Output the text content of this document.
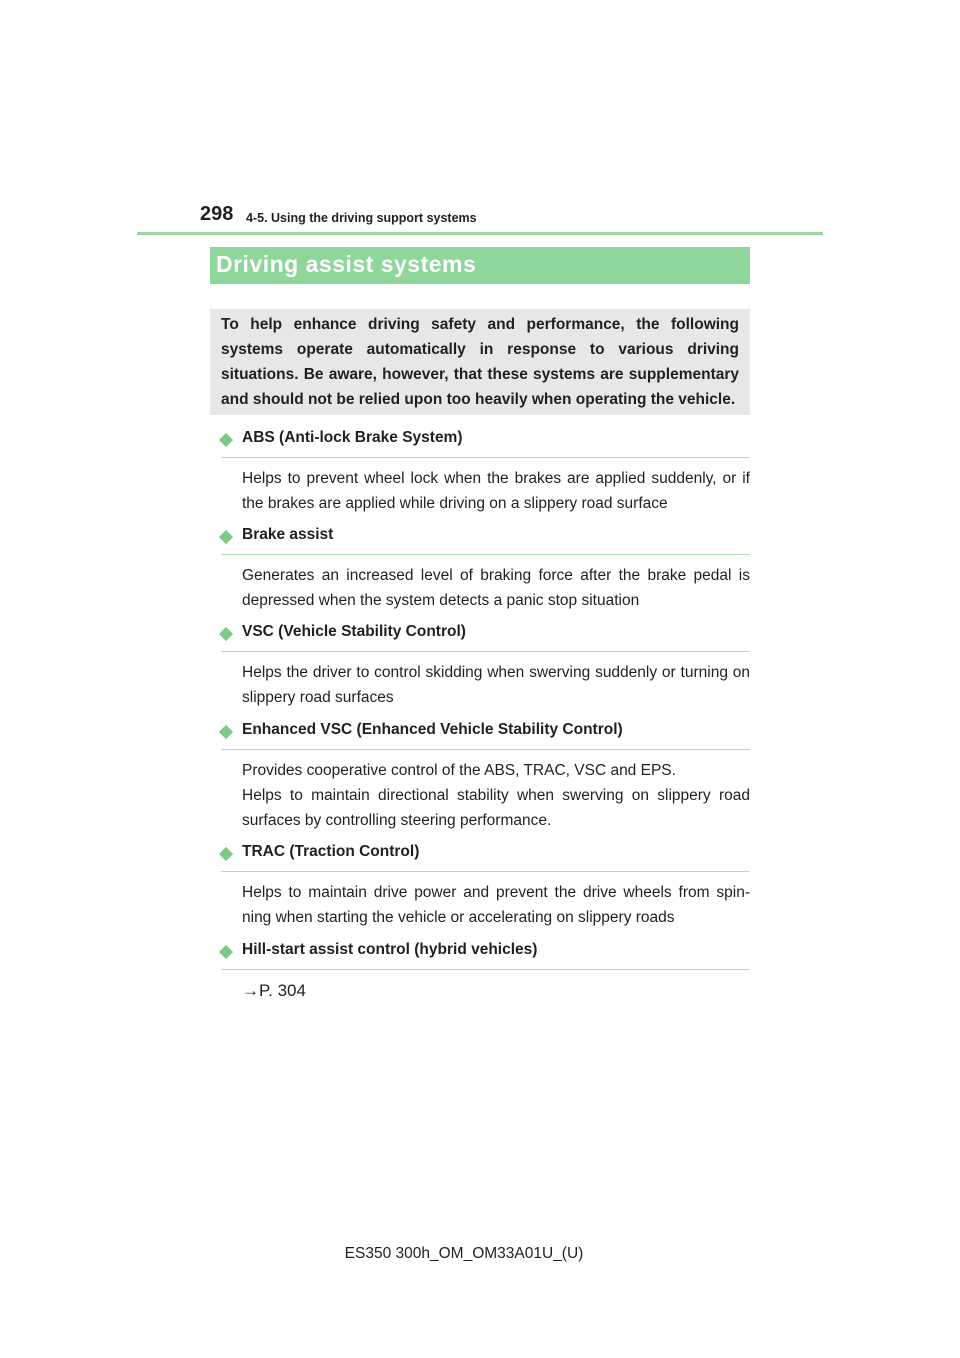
298 4-5. Using the driving support systems
Driving assist systems
To help enhance driving safety and performance, the following systems operate automatically in response to various driving situations. Be aware, however, that these systems are supplementary and should not be relied upon too heavily when operating the vehicle.
ABS (Anti-lock Brake System)

Helps to prevent wheel lock when the brakes are applied suddenly, or if the brakes are applied while driving on a slippery road surface

Brake assist

Generates an increased level of braking force after the brake pedal is depressed when the system detects a panic stop situation

VSC (Vehicle Stability Control)

Helps the driver to control skidding when swerving suddenly or turning on slippery road surfaces

Enhanced VSC (Enhanced Vehicle Stability Control)

Provides cooperative control of the ABS, TRAC, VSC and EPS.

Helps to maintain directional stability when swerving on slippery road surfaces by controlling steering performance.

TRAC (Traction Control)

Helps to maintain drive power and prevent the drive wheels from spin-ning when starting the vehicle or accelerating on slippery roads

Hill-start assist control (hybrid vehicles)

→P. 304

ES350 300h_OM_OM33A01U_(U)
